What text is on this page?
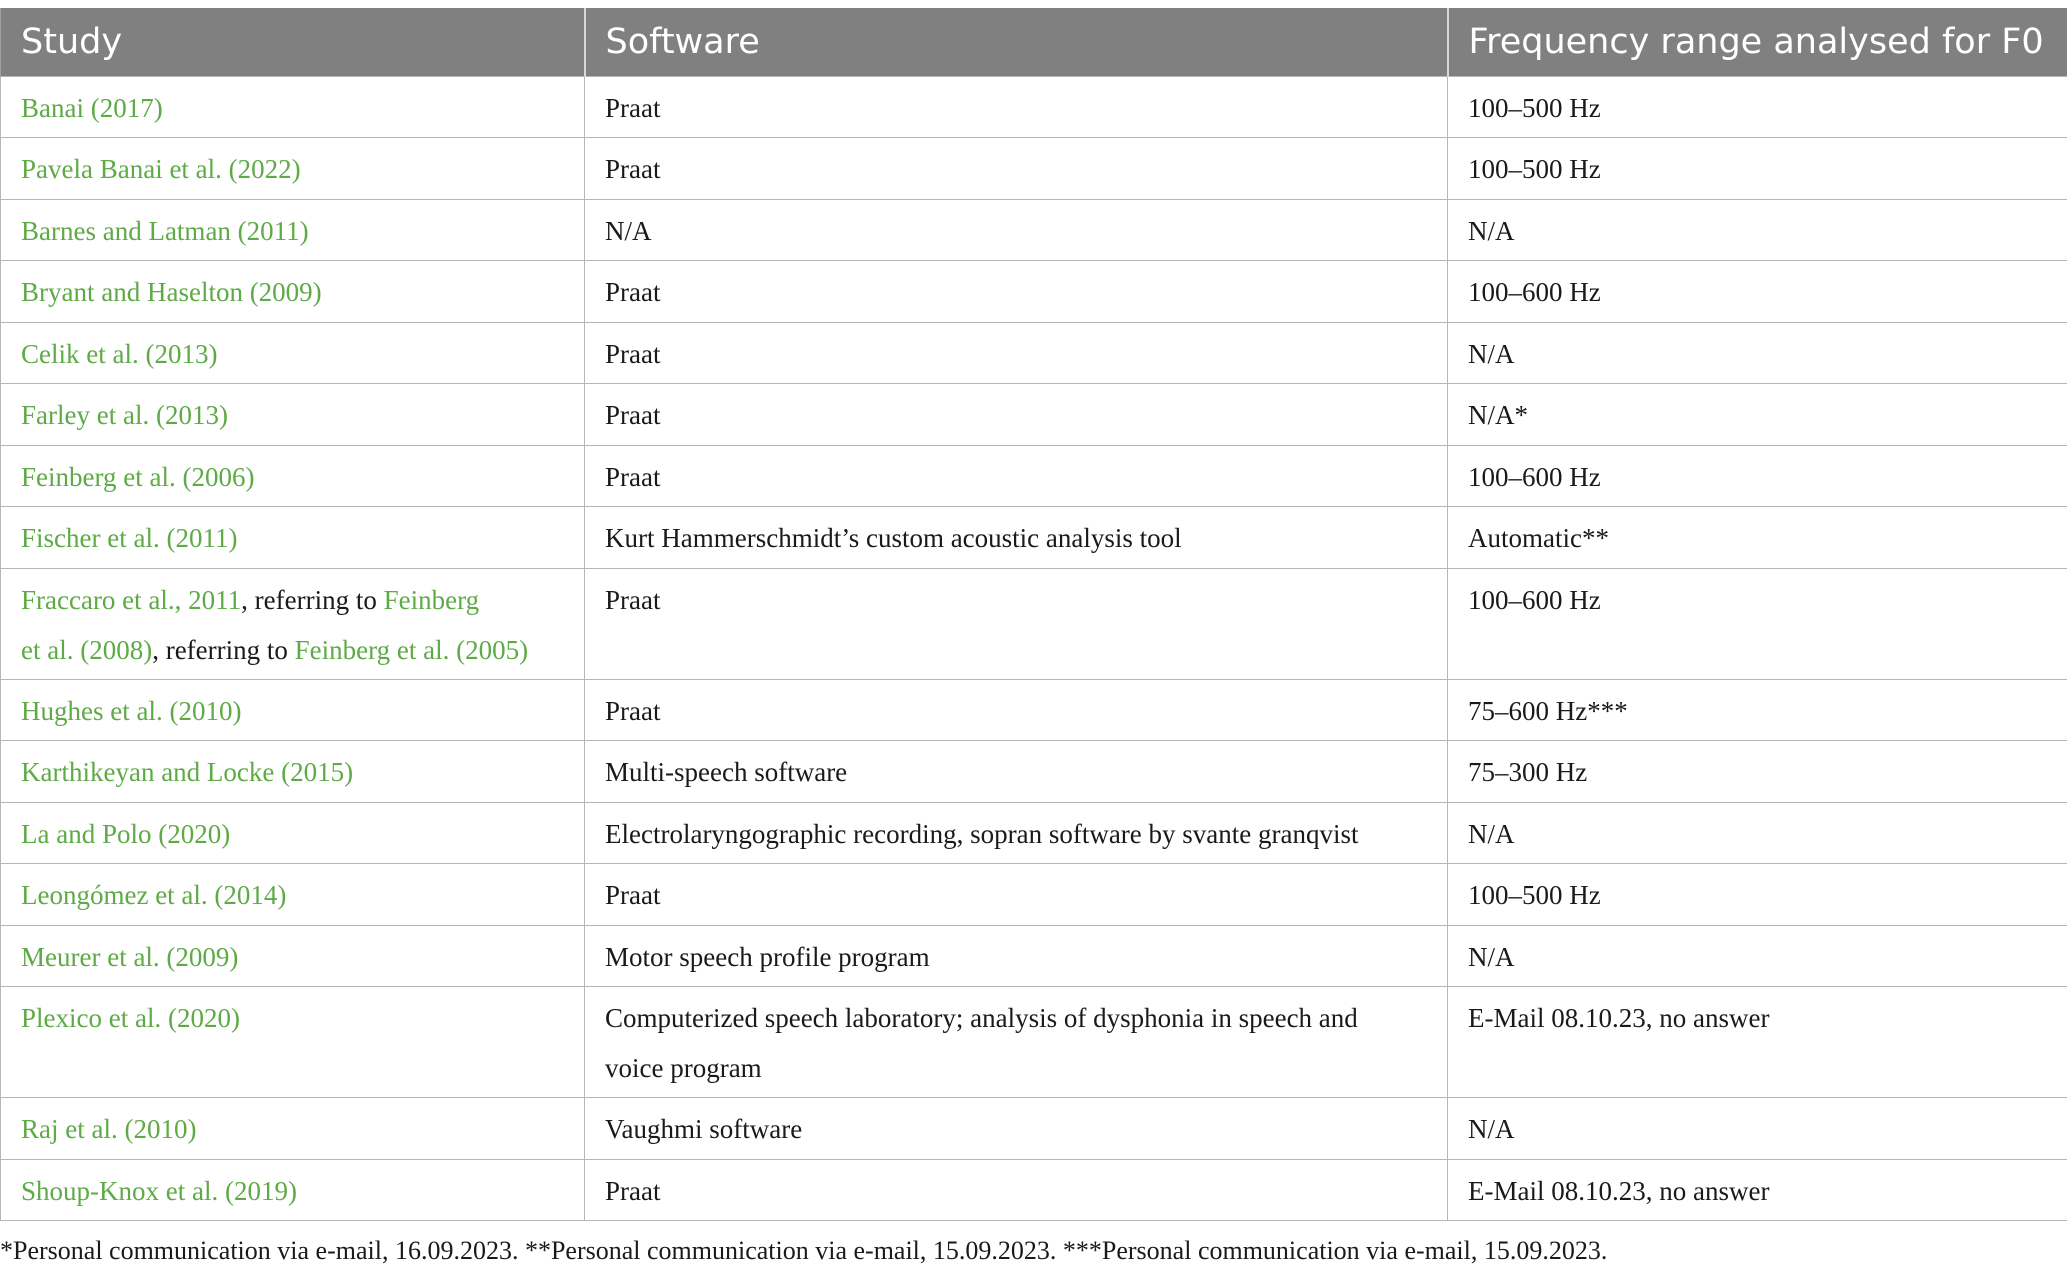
Study	Software	Frequency range analysed for F0
Banai (2017)	Praat	100–500 Hz
Pavela Banai et al. (2022)	Praat	100–500 Hz
Barnes and Latman (2011)	N/A	N/A
Bryant and Haselton (2009)	Praat	100–600 Hz
Celik et al. (2013)	Praat	N/A
Farley et al. (2013)	Praat	N/A*
Feinberg et al. (2006)	Praat	100–600 Hz
Fischer et al. (2011)	Kurt Hammerschmidt’s custom acoustic analysis tool	Automatic**
Fraccaro et al., 2011, referring to Feinberg
et al. (2008), referring to Feinberg et al. (2005)	Praat	100–600 Hz
Hughes et al. (2010)	Praat	75–600 Hz***
Karthikeyan and Locke (2015)	Multi-speech software	75–300 Hz
La and Polo (2020)	Electrolaryngographic recording, sopran software by svante granqvist	N/A
Leongómez et al. (2014)	Praat	100–500 Hz
Meurer et al. (2009)	Motor speech profile program	N/A
Plexico et al. (2020)	Computerized speech laboratory; analysis of dysphonia in speech and
voice program	E-Mail 08.10.23, no answer
Raj et al. (2010)	Vaughmi software	N/A
Shoup-Knox et al. (2019)	Praat	E-Mail 08.10.23, no answer
*Personal communication via e-mail, 16.09.2023. **Personal communication via e-mail, 15.09.2023. ***Personal communication via e-mail, 15.09.2023.
